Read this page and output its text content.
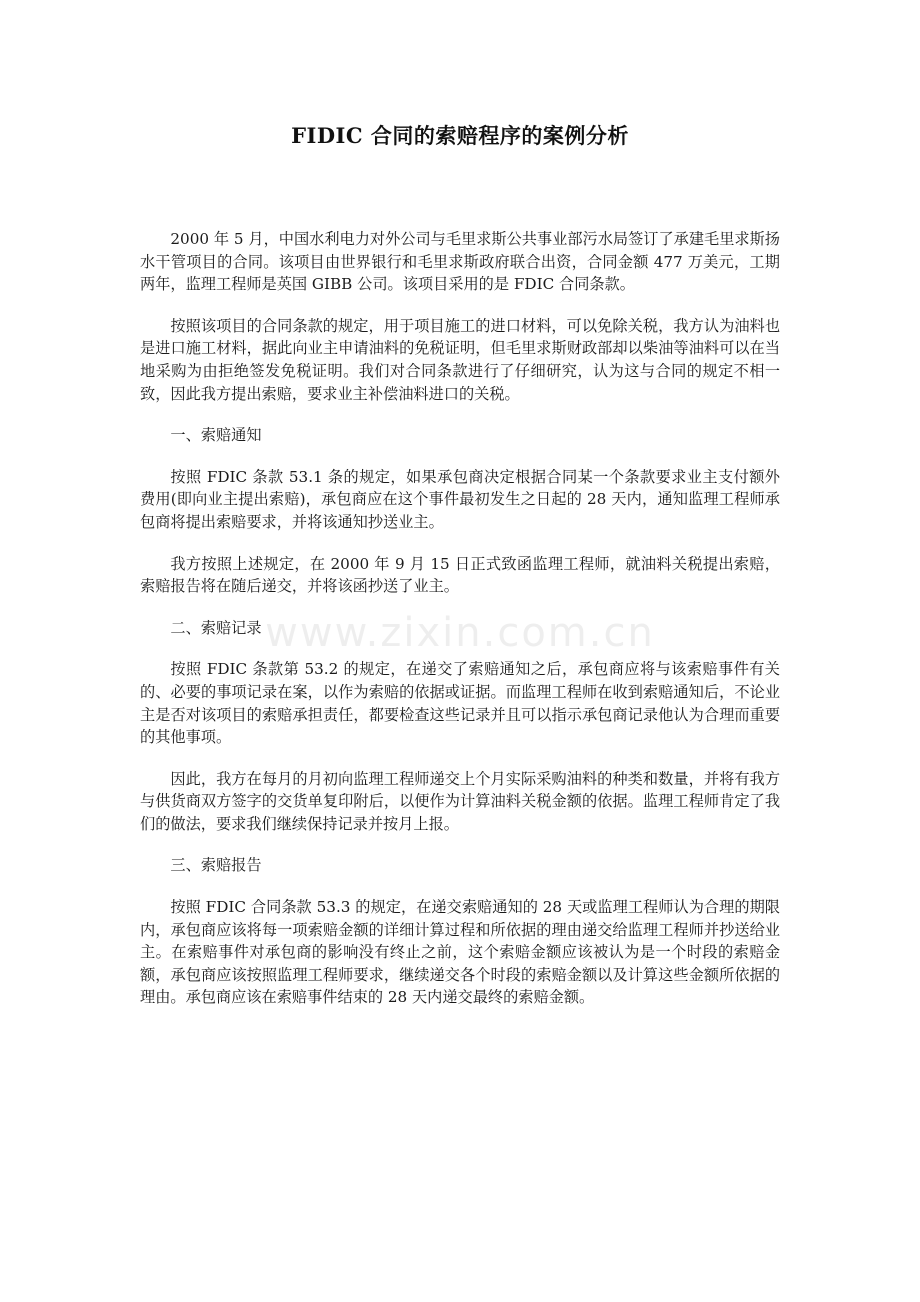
FIDIC 合同的索赔程序的案例分析

2000 年 5 月，中国水利电力对外公司与毛里求斯公共事业部污水局签订了承建毛里求斯扬水干管项目的合同。该项目由世界银行和毛里求斯政府联合出资，合同金额 477 万美元，工期两年，监理工程师是英国 GIBB 公司。该项目采用的是 FDIC 合同条款。

按照该项目的合同条款的规定，用于项目施工的进口材料，可以免除关税，我方认为油料也是进口施工材料，据此向业主申请油料的免税证明，但毛里求斯财政部却以柴油等油料可以在当地采购为由拒绝签发免税证明。我们对合同条款进行了仔细研究，认为这与合同的规定不相一致，因此我方提出索赔，要求业主补偿油料进口的关税。

一、索赔通知

按照 FDIC 条款 53.1 条的规定，如果承包商决定根据合同某一个条款要求业主支付额外费用(即向业主提出索赔)，承包商应在这个事件最初发生之日起的 28 天内，通知监理工程师承包商将提出索赔要求，并将该通知抄送业主。

我方按照上述规定，在 2000 年 9 月 15 日正式致函监理工程师，就油料关税提出索赔，索赔报告将在随后递交，并将该函抄送了业主。

二、索赔记录

按照 FDIC 条款第 53.2 的规定，在递交了索赔通知之后，承包商应将与该索赔事件有关的、必要的事项记录在案，以作为索赔的依据或证据。而监理工程师在收到索赔通知后，不论业主是否对该项目的索赔承担责任，都要检查这些记录并且可以指示承包商记录他认为合理而重要的其他事项。

因此，我方在每月的月初向监理工程师递交上个月实际采购油料的种类和数量，并将有我方与供货商双方签字的交货单复印附后，以便作为计算油料关税金额的依据。监理工程师肯定了我们的做法，要求我们继续保持记录并按月上报。

三、索赔报告

按照 FDIC 合同条款 53.3 的规定，在递交索赔通知的 28 天或监理工程师认为合理的期限内，承包商应该将每一项索赔金额的详细计算过程和所依据的理由递交给监理工程师并抄送给业主。在索赔事件对承包商的影响没有终止之前，这个索赔金额应该被认为是一个时段的索赔金额，承包商应该按照监理工程师要求，继续递交各个时段的索赔金额以及计算这些金额所依据的理由。承包商应该在索赔事件结束的 28 天内递交最终的索赔金额。

www.zixin.com.cn
